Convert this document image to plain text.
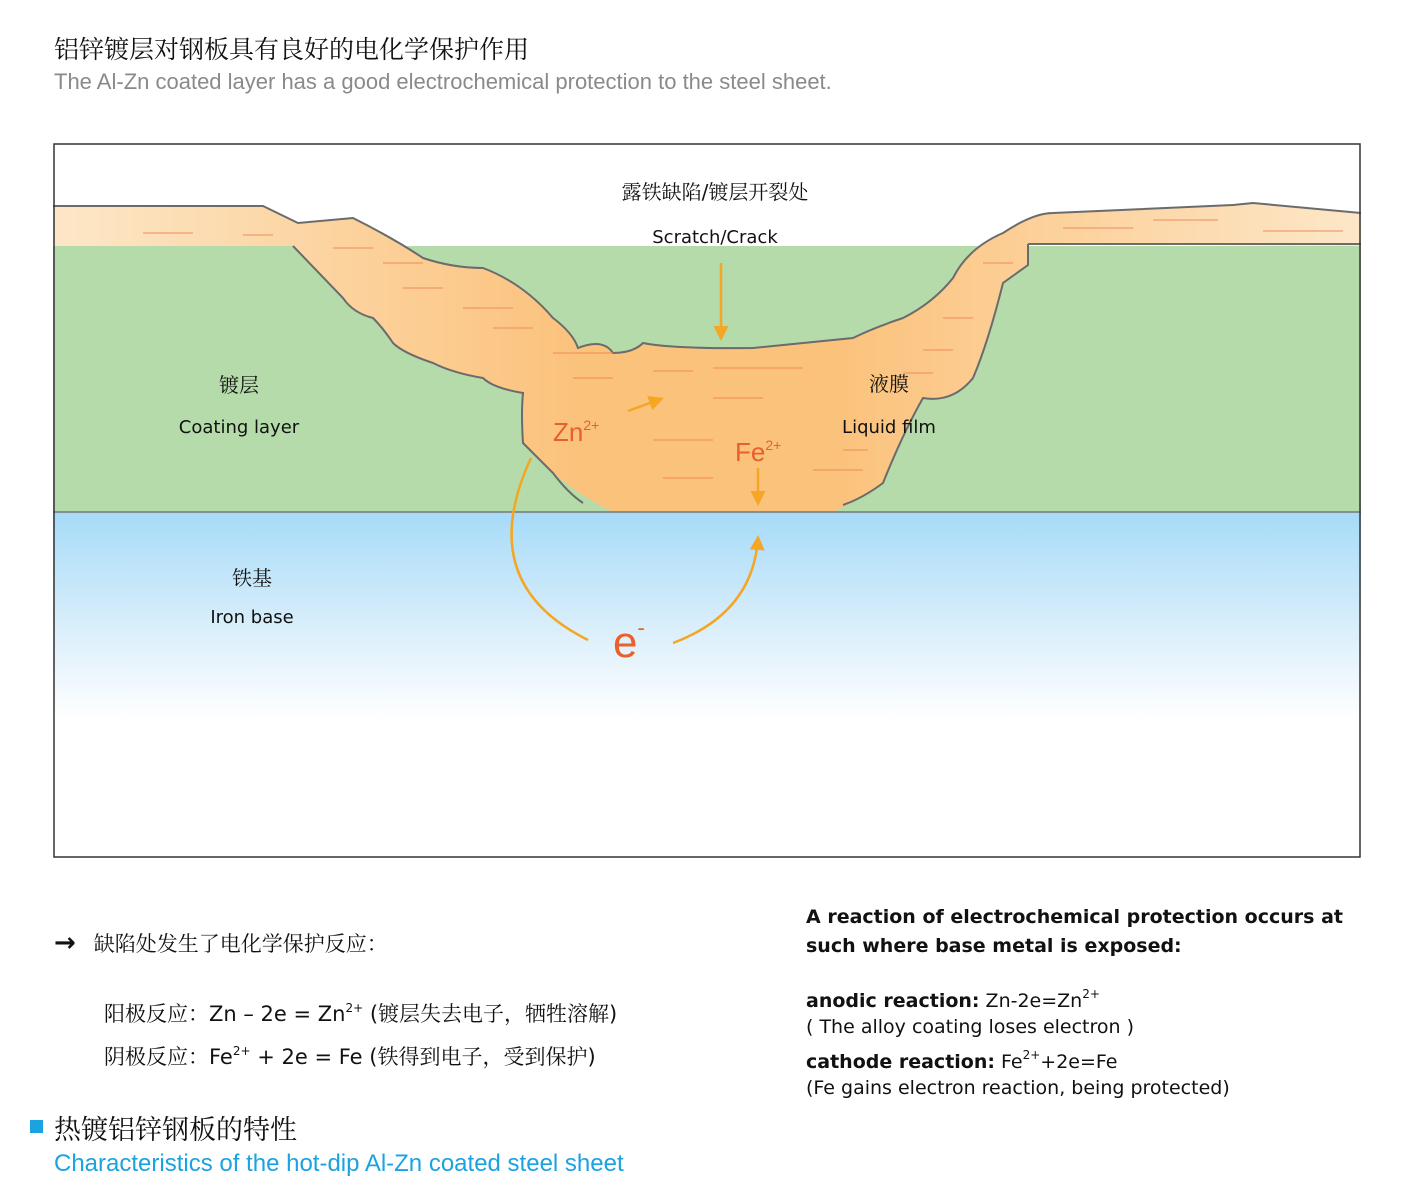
铝锌镀层对钢板具有良好的电化学保护作用
The Al-Zn coated layer has a good electrochemical protection to the steel sheet.
露铁缺陷/镀层开裂处
Scratch/Crack
镀层
Coating layer
液膜
Liquid film
铁基
Iron base
$Zn^{2+}$
$Fe^{2+}$
e-
→ 缺陷处发生了电化学保护反应：
阳极反应：$Zn - 2e = Zn^{2+}$ (镀层失去电子，牺牲溶解)
阴极反应：$Fe^{2+} + 2e = Fe$ (铁得到电子，受到保护)
A reaction of electrochemical protection occurs at such where base metal is exposed:
anodic reaction: $Zn-2e=Zn^{2+}$
( The alloy coating loses electron )
cathode reaction: $Fe^{2+}+2e=Fe$
(Fe gains electron reaction, being protected)
热镀铝锌钢板的特性
Characteristics of the hot-dip Al-Zn coated steel sheet
